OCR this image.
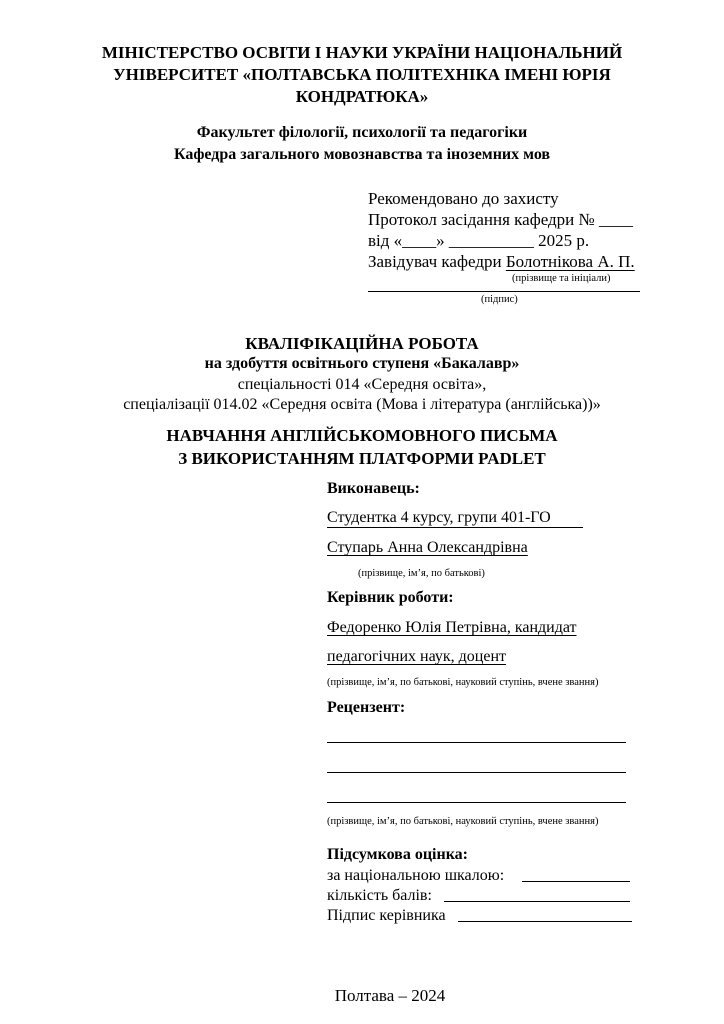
МІНІСТЕРСТВО ОСВІТИ І НАУКИ УКРАЇНИ НАЦІОНАЛЬНИЙ
УНІВЕРСИТЕТ «ПОЛТАВСЬКА ПОЛІТЕХНІКА ІМЕНІ ЮРІЯ
КОНДРАТЮКА»
Факультет філології, психології та педагогіки
Кафедра загального мовознавства та іноземних мов
Рекомендовано до захисту
Протокол засідання кафедри № ____
від «____» __________ 2025 р.
Завідувач кафедри Болотнікова А. П.
(прізвище та ініціали)
(підпис)
КВАЛІФІКАЦІЙНА РОБОТА
на здобуття освітнього ступеня «Бакалавр»
спеціальності 014 «Середня освіта»,
спеціалізації 014.02 «Середня освіта (Мова і література (англійська))»
НАВЧАННЯ АНГЛІЙСЬКОМОВНОГО ПИСЬМА
З ВИКОРИСТАННЯМ ПЛАТФОРМИ PADLET
Виконавець:
Студентка 4 курсу, групи 401-ГО
Ступарь Анна Олександрівна
(прізвище, ім’я, по батькові)
Керівник роботи:
Федоренко Юлія Петрівна, кандидат
педагогічних наук, доцент
(прізвище, ім’я, по батькові, науковий ступінь, вчене звання)
Рецензент:
(прізвище, ім’я, по батькові, науковий ступінь, вчене звання)
Підсумкова оцінка:
за національною шкалою:
кількість балів:
Підпис керівника
Полтава – 2024
